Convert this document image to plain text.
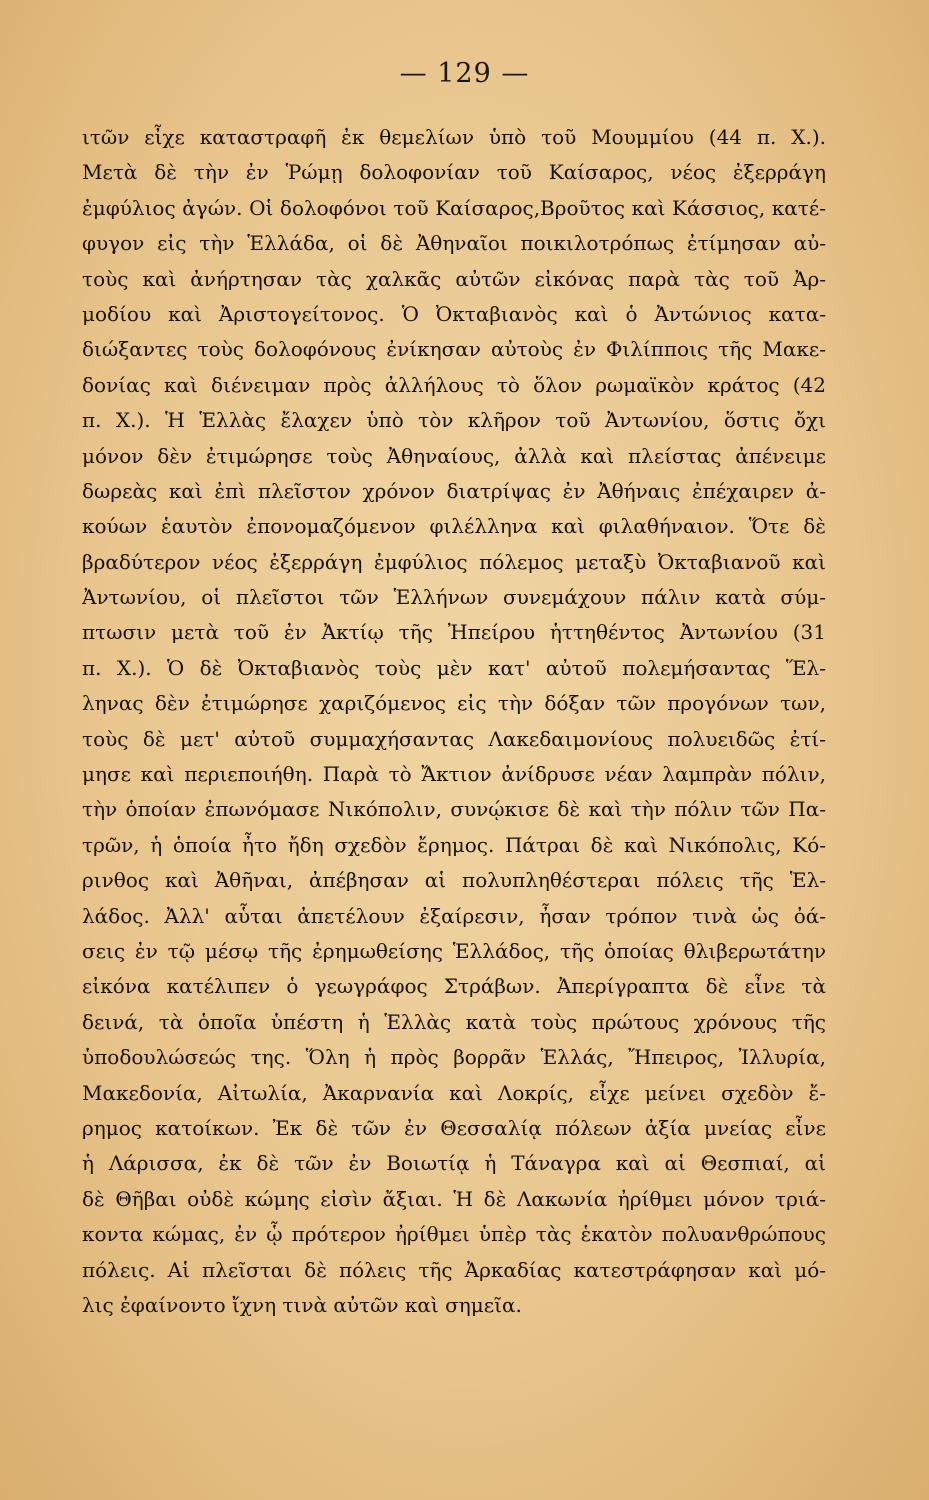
— 129 —
ιτῶν εἶχε καταστραφῆ ἐκ θεμελίων ὑπὸ τοῦ Μουμμίου (44 π. Χ.).
Μετὰ δὲ τὴν ἐν Ῥώμῃ δολοφονίαν τοῦ Καίσαρος, νέος ἐξερράγη
ἐμφύλιος ἀγών. Οἱ δολοφόνοι τοῦ Καίσαρος,Βροῦτος καὶ Κάσσιος, κατέ-
φυγον εἰς τὴν Ἑλλάδα, οἱ δὲ Ἀθηναῖοι ποικιλοτρόπως ἐτίμησαν αὐ-
τοὺς καὶ ἀνήρτησαν τὰς χαλκᾶς αὐτῶν εἰκόνας παρὰ τὰς τοῦ Ἀρ-
μοδίου καὶ Ἀριστογείτονος. Ὁ Ὀκταβιανὸς καὶ ὁ Ἀντώνιος κατα-
διώξαντες τοὺς δολοφόνους ἐνίκησαν αὐτοὺς ἐν Φιλίπποις τῆς Μακε-
δονίας καὶ διένειμαν πρὸς ἀλλήλους τὸ ὅλον ρωμαϊκὸν κράτος (42
π. Χ.). Ἡ Ἑλλὰς ἔλαχεν ὑπὸ τὸν κλῆρον τοῦ Ἀντωνίου, ὅστις ὄχι
μόνον δὲν ἐτιμώρησε τοὺς Ἀθηναίους, ἀλλὰ καὶ πλείστας ἀπένειμε
δωρεὰς καὶ ἐπὶ πλεῖστον χρόνον διατρίψας ἐν Ἀθήναις ἐπέχαιρεν ἀ-
κούων ἑαυτὸν ἐπονομαζόμενον φιλέλληνα καὶ φιλαθήναιον. Ὅτε δὲ
βραδύτερον νέος ἐξερράγη ἐμφύλιος πόλεμος μεταξὺ Ὀκταβιανοῦ καὶ
Ἀντωνίου, οἱ πλεῖστοι τῶν Ἑλλήνων συνεμάχουν πάλιν κατὰ σύμ-
πτωσιν μετὰ τοῦ ἐν Ἀκτίῳ τῆς Ἠπείρου ἡττηθέντος Ἀντωνίου (31
π. Χ.). Ὁ δὲ Ὀκταβιανὸς τοὺς μὲν κατ' αὐτοῦ πολεμήσαντας Ἕλ-
ληνας δὲν ἐτιμώρησε χαριζόμενος εἰς τὴν δόξαν τῶν προγόνων των,
τοὺς δὲ μετ' αὐτοῦ συμμαχήσαντας Λακεδαιμονίους πολυειδῶς ἐτί-
μησε καὶ περιεποιήθη. Παρὰ τὸ Ἄκτιον ἀνίδρυσε νέαν λαμπρὰν πόλιν,
τὴν ὁποίαν ἐπωνόμασε Νικόπολιν, συνῴκισε δὲ καὶ τὴν πόλιν τῶν Πα-
τρῶν, ἡ ὁποία ἦτο ἤδη σχεδὸν ἔρημος. Πάτραι δὲ καὶ Νικόπολις, Κό-
ρινθος καὶ Ἀθῆναι, ἀπέβησαν αἱ πολυπληθέστεραι πόλεις τῆς Ἑλ-
λάδος. Ἀλλ' αὗται ἀπετέλουν ἐξαίρεσιν, ἦσαν τρόπον τινὰ ὡς ὀά-
σεις ἐν τῷ μέσῳ τῆς ἐρημωθείσης Ἑλλάδος, τῆς ὁποίας θλιβερωτάτην
εἰκόνα κατέλιπεν ὁ γεωγράφος Στράβων. Ἀπερίγραπτα δὲ εἶνε τὰ
δεινά, τὰ ὁποῖα ὑπέστη ἡ Ἑλλὰς κατὰ τοὺς πρώτους χρόνους τῆς
ὑποδουλώσεώς της. Ὅλη ἡ πρὸς βορρᾶν Ἑλλάς, Ἤπειρος, Ἰλλυρία,
Μακεδονία, Αἰτωλία, Ἀκαρνανία καὶ Λοκρίς, εἶχε μείνει σχεδὸν ἔ-
ρημος κατοίκων. Ἐκ δὲ τῶν ἐν Θεσσαλίᾳ πόλεων ἀξία μνείας εἶνε
ἡ Λάρισσα, ἐκ δὲ τῶν ἐν Βοιωτίᾳ ἡ Τάναγρα καὶ αἱ Θεσπιαί, αἱ
δὲ Θῆβαι οὐδὲ κώμης εἰσὶν ἄξιαι. Ἡ δὲ Λακωνία ἠρίθμει μόνον τριά-
κοντα κώμας, ἐν ᾧ πρότερον ἠρίθμει ὑπὲρ τὰς ἑκατὸν πολυανθρώπους
πόλεις. Αἱ πλεῖσται δὲ πόλεις τῆς Ἀρκαδίας κατεστράφησαν καὶ μό-
λις ἐφαίνοντο ἴχνη τινὰ αὐτῶν καὶ σημεῖα.
